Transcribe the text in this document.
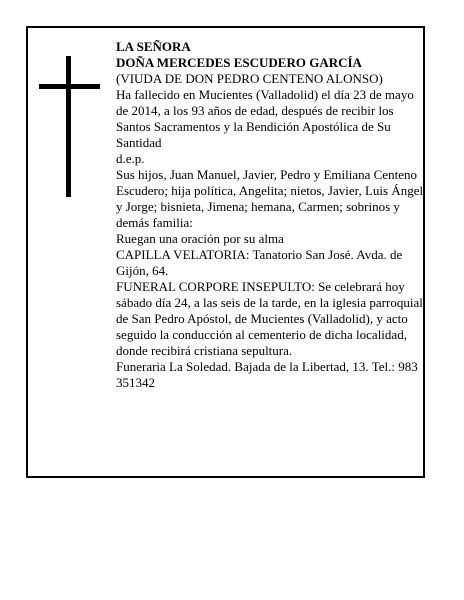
LA SEÑORA

DOÑA MERCEDES ESCUDERO GARCÍA

(VIUDA DE DON PEDRO CENTENO ALONSO)

Ha fallecido en Mucientes (Valladolid) el día 23 de mayo de 2014, a los 93 años de edad, después de recibir los Santos Sacramentos y la Bendición Apostólica de Su Santidad

d.e.p.

Sus hijos, Juan Manuel, Javier, Pedro y Emiliana Centeno Escudero; hija política, Angelita; nietos, Javier, Luis Ángel y Jorge; bisnieta, Jimena; hemana, Carmen; sobrinos y demás familia:

Ruegan una oración por su alma

CAPILLA VELATORIA: Tanatorio San José. Avda. de Gijón, 64.

FUNERAL CORPORE INSEPULTO: Se celebrará hoy sábado día 24, a las seis de la tarde, en la iglesia parroquial de San Pedro Apóstol, de Mucientes (Valladolid), y acto seguido la conducción al cementerio de dicha localidad, donde recibirá cristiana sepultura.

Funeraria La Soledad. Bajada de la Libertad, 13. Tel.: 983 351342
